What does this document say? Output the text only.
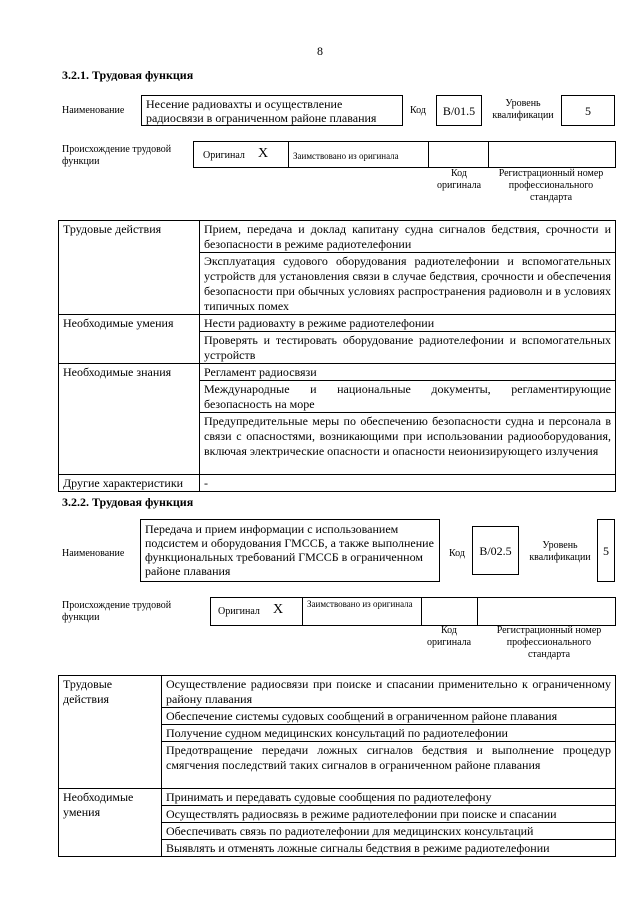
8
3.2.1. Трудовая функция
Наименование	Несение радиовахты и осуществление радиосвязи в ограниченном районе плавания
Код	B/01.5	Уровень квалификации	5
Происхождение трудовой функции
Оригинал Х	Заимствовано из оригинала
Код оригинала
Регистрационный номер профессионального стандарта
Трудовые действия	Прием, передача и доклад капитану судна сигналов бедствия, срочности и безопасности в режиме радиотелефонии
	Эксплуатация судового оборудования радиотелефонии и вспомогательных устройств для установления связи в случае бедствия, срочности и обеспечения безопасности при обычных условиях распространения радиоволн и в условиях типичных помех
Необходимые умения	Нести радиовахту в режиме радиотелефонии
	Проверять и тестировать оборудование радиотелефонии и вспомогательных устройств
Необходимые знания	Регламент радиосвязи
	Международные и национальные документы, регламентирующие безопасность на море
	Предупредительные меры по обеспечению безопасности судна и персонала в связи с опасностями, возникающими при использовании радиооборудования, включая электрические опасности и опасности неионизирующего излучения
Другие характеристики	-
3.2.2. Трудовая функция
Наименование
Передача и прием информации с использованием подсистем и оборудования ГМССБ, а также выполнение функциональных требований ГМССБ в ограниченном районе плавания
Код	B/02.5	Уровень квалификации	5
Происхождение трудовой функции
Оригинал Х	Заимствовано из оригинала
Код оригинала
Регистрационный номер профессионального стандарта
Трудовые действия	Осуществление радиосвязи при поиске и спасании применительно к ограниченному району плавания
	Обеспечение системы судовых сообщений в ограниченном районе плавания
	Получение судном медицинских консультаций по радиотелефонии
	Предотвращение передачи ложных сигналов бедствия и выполнение процедур смягчения последствий таких сигналов в ограниченном районе плавания
Необходимые умения	Принимать и передавать судовые сообщения по радиотелефону
	Осуществлять радиосвязь в режиме радиотелефонии при поиске и спасании
	Обеспечивать связь по радиотелефонии для медицинских консультаций
	Выявлять и отменять ложные сигналы бедствия в режиме радиотелефонии
